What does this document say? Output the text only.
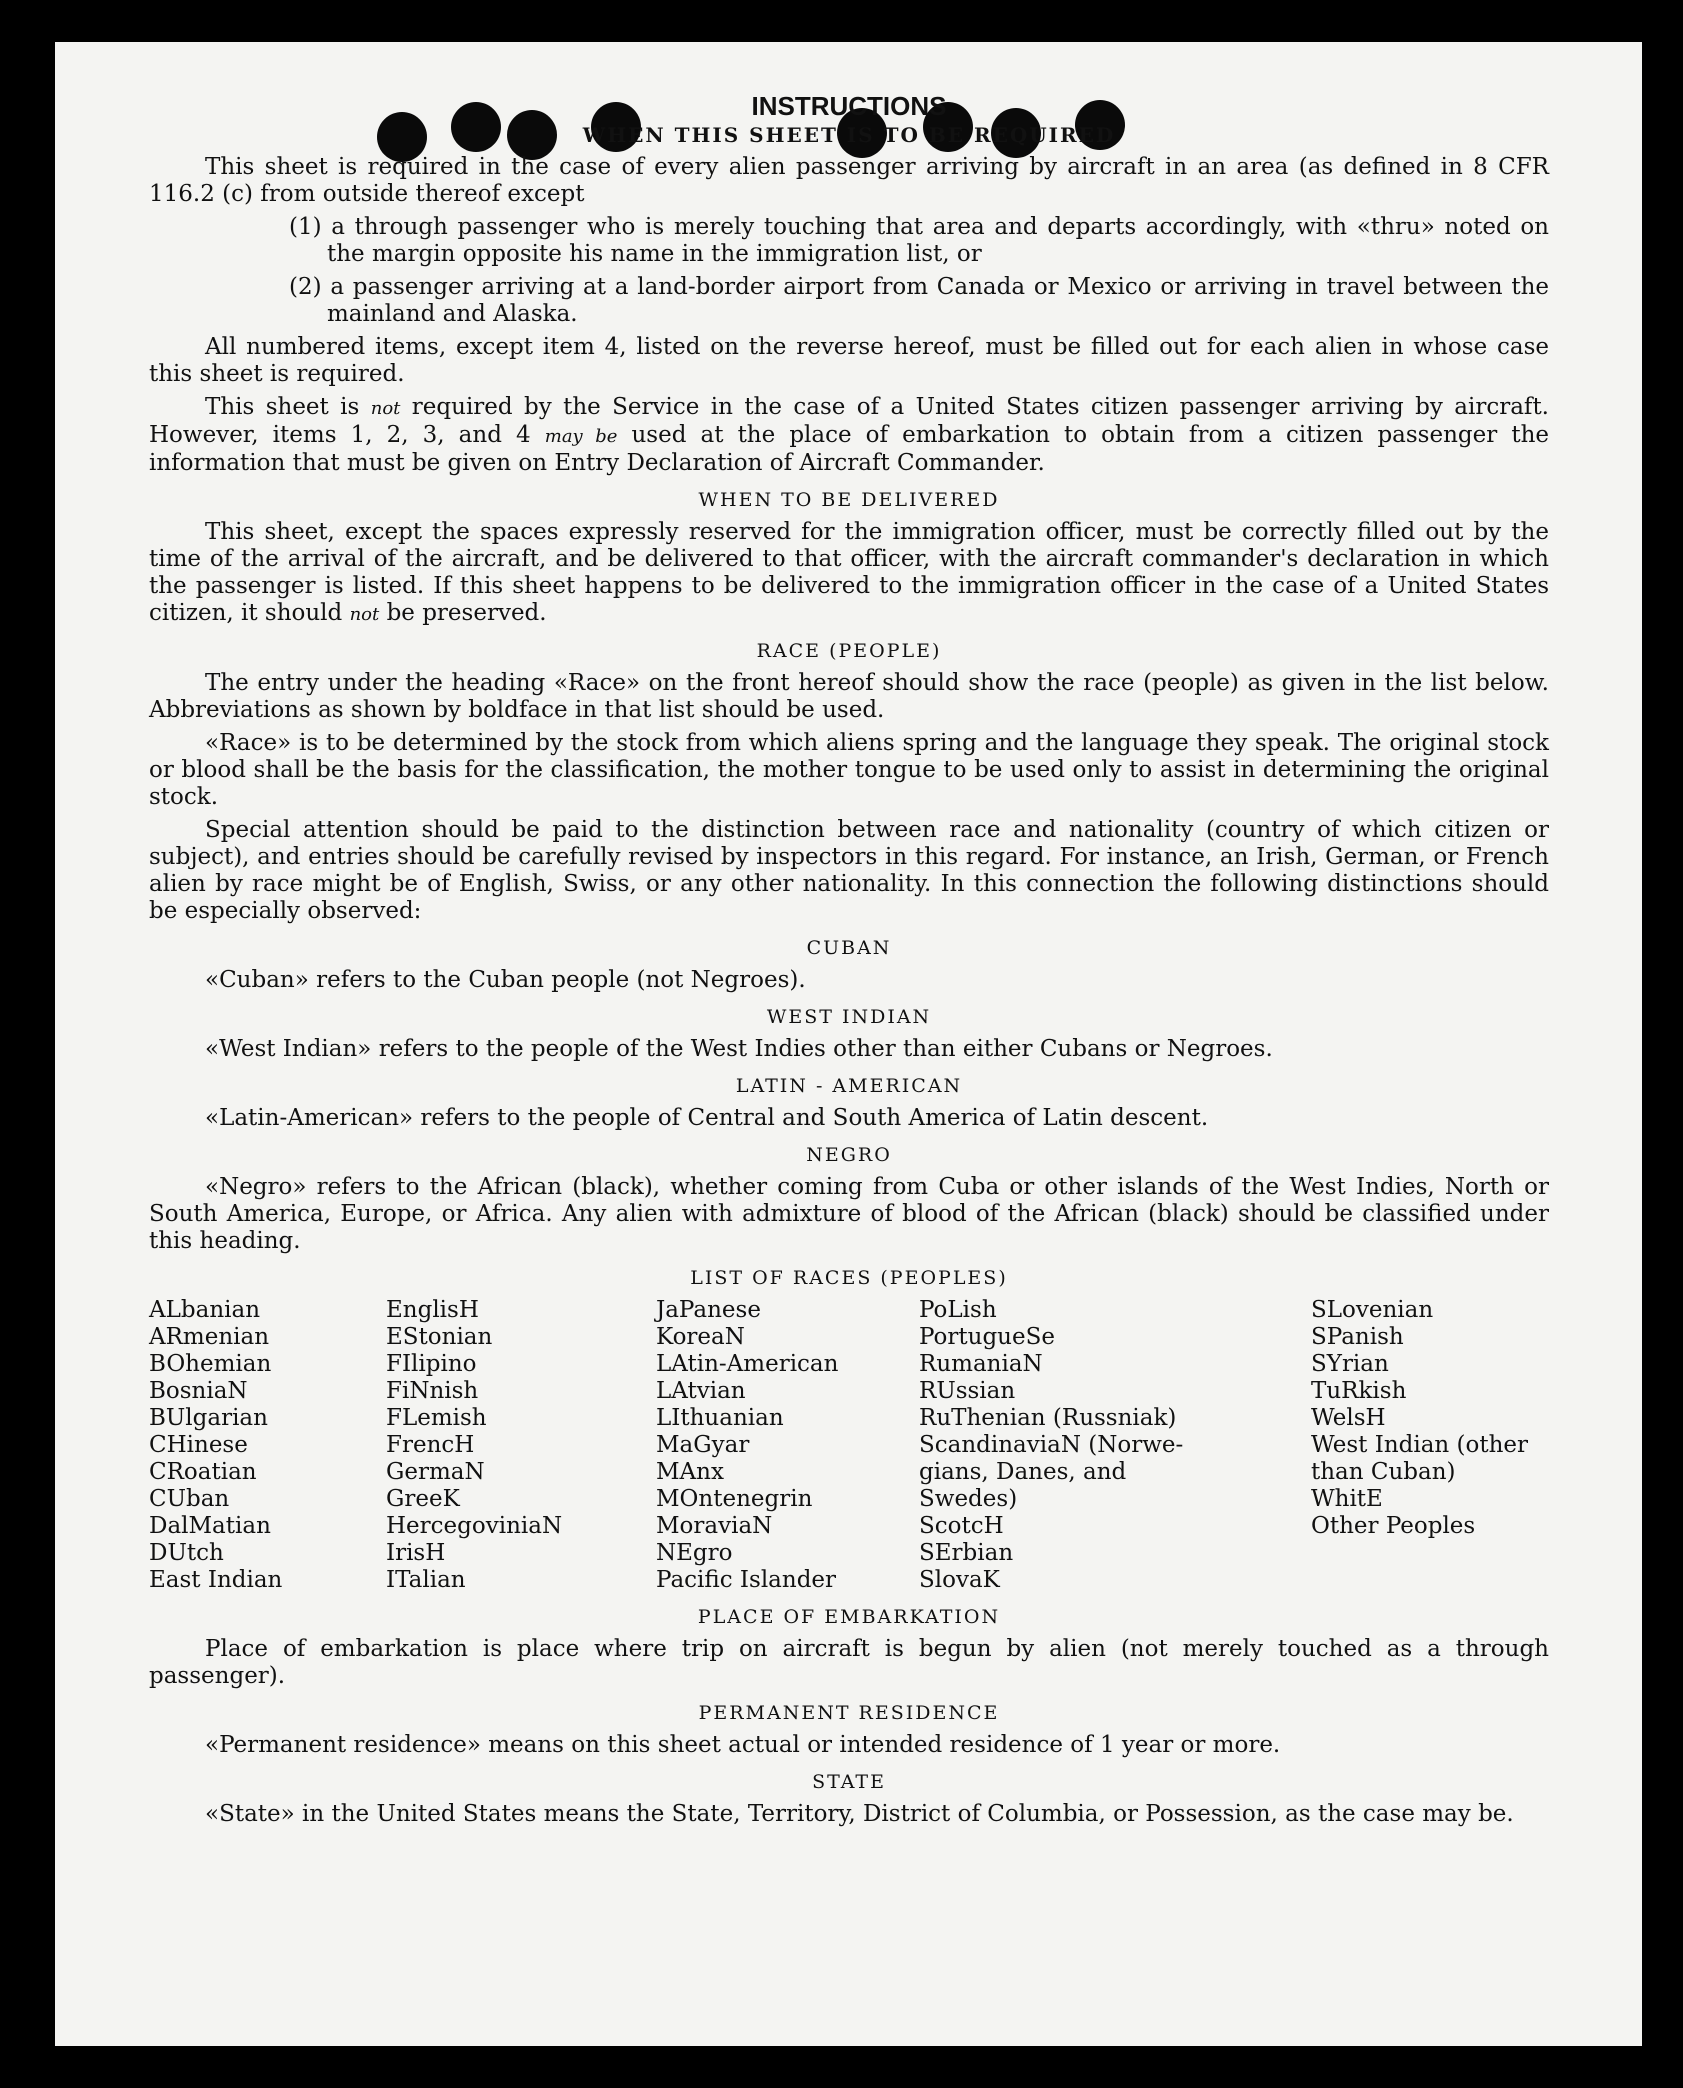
INSTRUCTIONS
WHEN THIS SHEET IS TO BE REQUIRED

This sheet is required in the case of every alien passenger arriving by aircraft in an area (as defined in 8 CFR 116.2 (c) from outside thereof except

(1) a through passenger who is merely touching that area and departs accordingly, with «thru» noted on the margin opposite his name in the immigration list, or

(2) a passenger arriving at a land-border airport from Canada or Mexico or arriving in travel between the mainland and Alaska.

All numbered items, except item 4, listed on the reverse hereof, must be filled out for each alien in whose case this sheet is required.

This sheet is not required by the Service in the case of a United States citizen passenger arriving by aircraft. However, items 1, 2, 3, and 4 may be used at the place of embarkation to obtain from a citizen passenger the information that must be given on Entry Declaration of Aircraft Commander.

WHEN TO BE DELIVERED

This sheet, except the spaces expressly reserved for the immigration officer, must be correctly filled out by the time of the arrival of the aircraft, and be delivered to that officer, with the aircraft commander's declaration in which the passenger is listed. If this sheet happens to be delivered to the immigration officer in the case of a United States citizen, it should not be preserved.

RACE (PEOPLE)

The entry under the heading «Race» on the front hereof should show the race (people) as given in the list below. Abbreviations as shown by boldface in that list should be used.

«Race» is to be determined by the stock from which aliens spring and the language they speak. The original stock or blood shall be the basis for the classification, the mother tongue to be used only to assist in determining the original stock.

Special attention should be paid to the distinction between race and nationality (country of which citizen or subject), and entries should be carefully revised by inspectors in this regard. For instance, an Irish, German, or French alien by race might be of English, Swiss, or any other nationality. In this connection the following distinctions should be especially observed:

CUBAN

«Cuban» refers to the Cuban people (not Negroes).

WEST INDIAN

«West Indian» refers to the people of the West Indies other than either Cubans or Negroes.

LATIN - AMERICAN

«Latin-American» refers to the people of Central and South America of Latin descent.

NEGRO

«Negro» refers to the African (black), whether coming from Cuba or other islands of the West Indies, North or South America, Europe, or Africa. Any alien with admixture of blood of the African (black) should be classified under this heading.

LIST OF RACES (PEOPLES)
ALbanian
ARmenian
BOhemian
BosniaN
BUlgarian
CHinese
CRoatian
CUban
DalMatian
DUtch
East Indian
EnglisH
EStonian
FIlipino
FiNnish
FLemish
FrencH
GermaN
GreeK
HercegoviniaN
IrisH
ITalian
JaPanese
KoreaN
LAtin-American
LAtvian
LIthuanian
MaGyar
MAnx
MOntenegrin
MoraviaN
NEgro
Pacific Islander
PoLish
PortugueSe
RumaniaN
RUssian
RuThenian (Russniak)
ScandinaviaN (Norwe-
gians, Danes, and
Swedes)
ScotcH
SErbian
SlovaK
SLovenian
SPanish
SYrian
TuRkish
WelsH
West Indian (other
than Cuban)
WhitE
Other Peoples
PLACE OF EMBARKATION

Place of embarkation is place where trip on aircraft is begun by alien (not merely touched as a through passenger).

PERMANENT RESIDENCE

«Permanent residence» means on this sheet actual or intended residence of 1 year or more.

STATE

«State» in the United States means the State, Territory, District of Columbia, or Possession, as the case may be.
